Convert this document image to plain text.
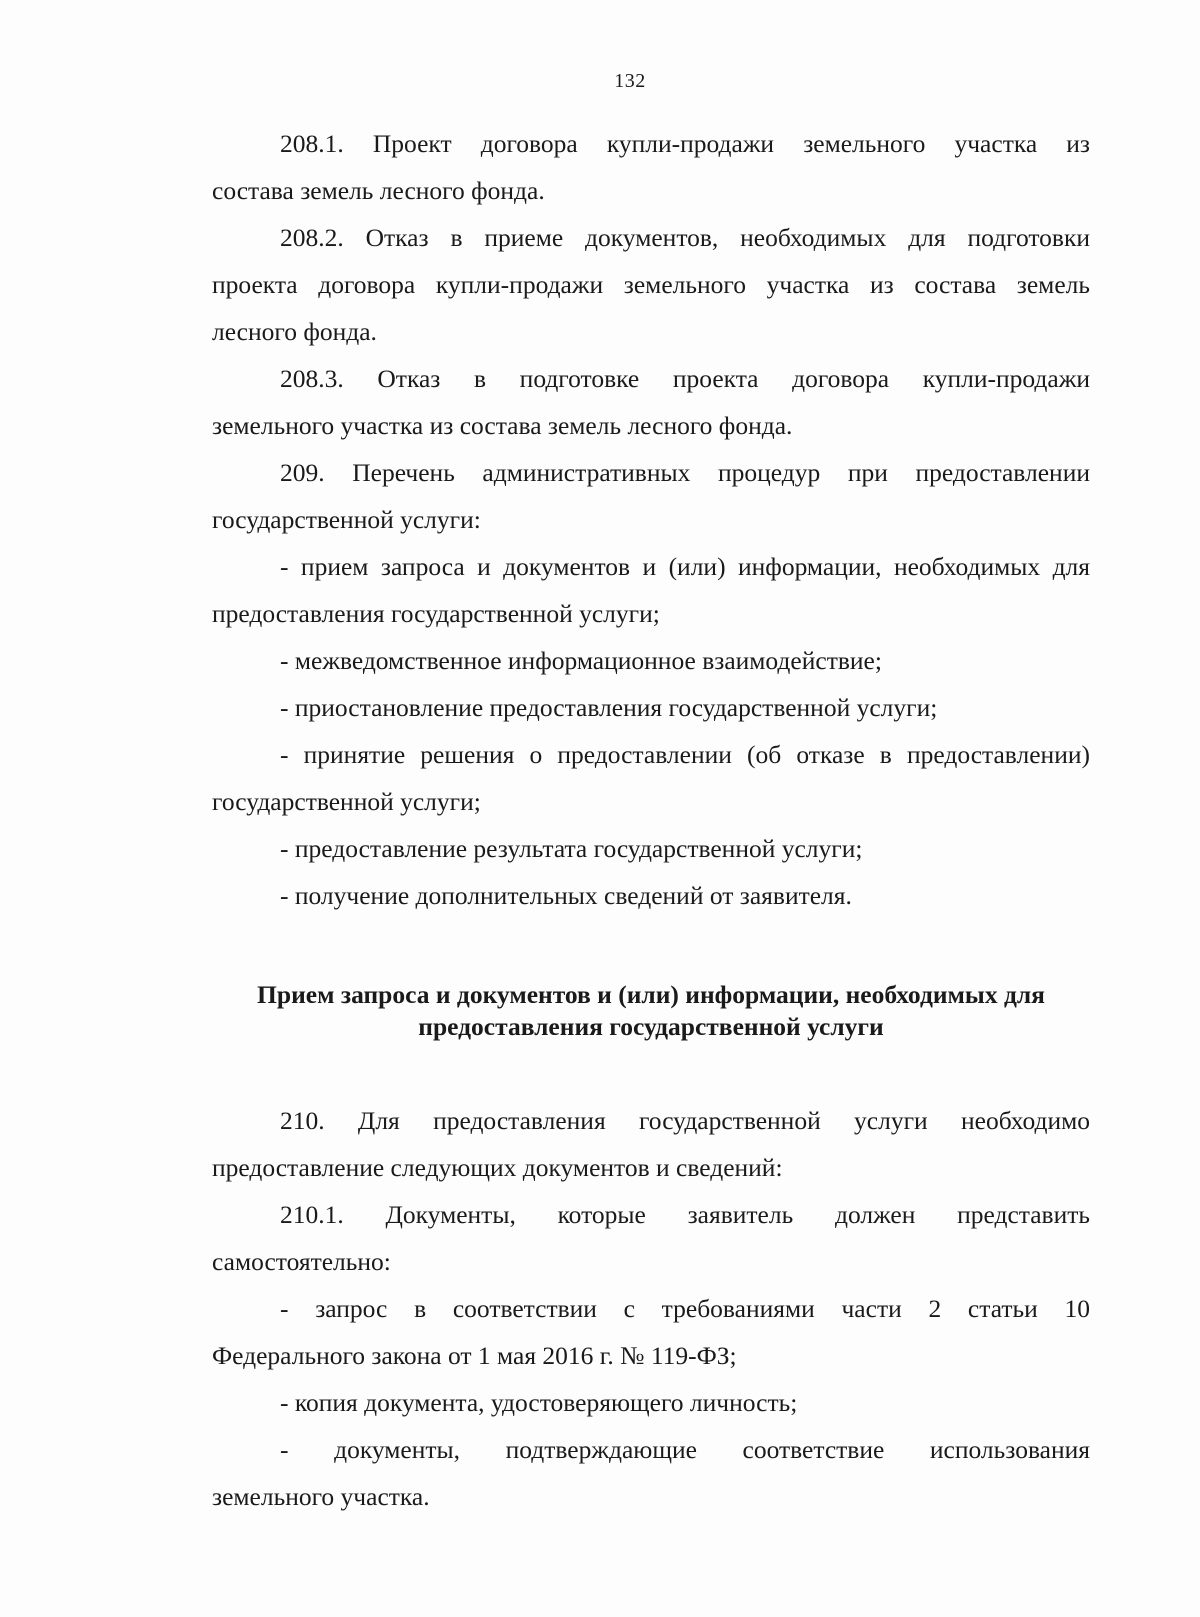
132
208.1. Проект договора купли-продажи земельного участка из
состава земель лесного фонда.
208.2. Отказ в приеме документов, необходимых для подготовки
проекта договора купли-продажи земельного участка из состава земель
лесного фонда.
208.3. Отказ в подготовке проекта договора купли-продажи
земельного участка из состава земель лесного фонда.
209. Перечень административных процедур при предоставлении
государственной услуги:
- прием запроса и документов и (или) информации, необходимых для
предоставления государственной услуги;
- межведомственное информационное взаимодействие;
- приостановление предоставления государственной услуги;
- принятие решения о предоставлении (об отказе в предоставлении)
государственной услуги;
- предоставление результата государственной услуги;
- получение дополнительных сведений от заявителя.
Прием запроса и документов и (или) информации, необходимых для
предоставления государственной услуги
210. Для предоставления государственной услуги необходимо
предоставление следующих документов и сведений:
210.1. Документы, которые заявитель должен представить
самостоятельно:
- запрос в соответствии с требованиями части 2 статьи 10
Федерального закона от 1 мая 2016 г. № 119-ФЗ;
- копия документа, удостоверяющего личность;
- документы, подтверждающие соответствие использования
земельного участка.
